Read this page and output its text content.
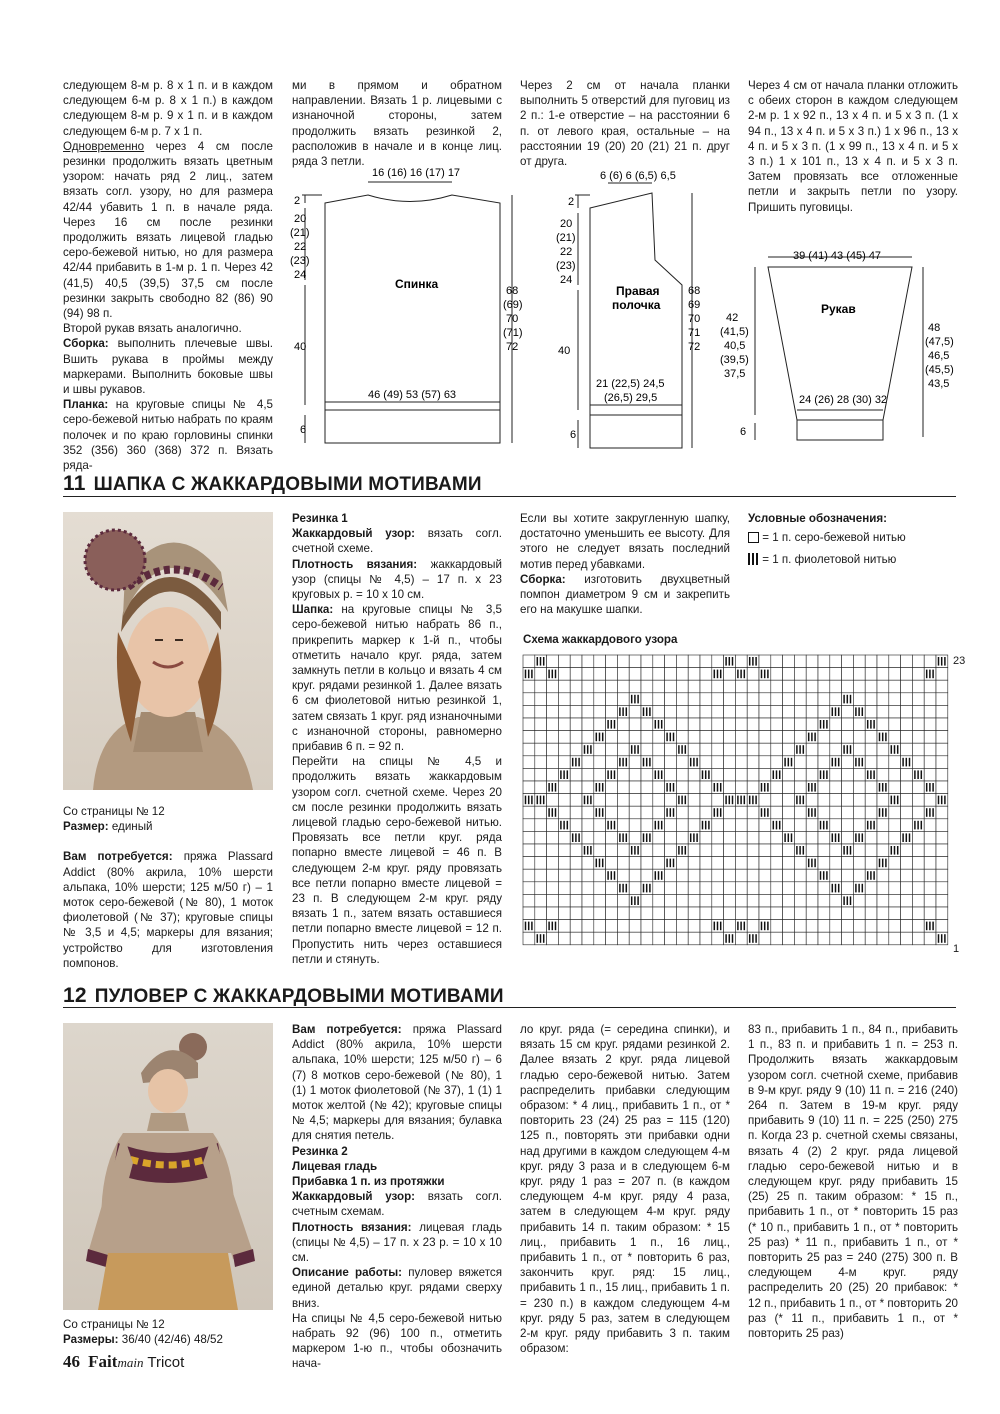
следующем 8-м р. 8 х 1 п. и в каждом следующем 6-м р. 8 х 1 п.) в каждом следующем 8-м р. 9 х 1 п. и в каждом следующем 6-м р. 7 х 1 п.

Одновременно через 4 см после резинки продолжить вязать цветным узором: начать ряд 2 лиц., затем вязать согл. узору, но для размера 42/44 убавить 1 п. в начале ряда. Через 16 см после резинки продолжить вязать лицевой гладью серо-бежевой нитью, но для размера 42/44 прибавить в 1-м р. 1 п. Через 42 (41,5) 40,5 (39,5) 37,5 см после резинки закрыть свободно 82 (86) 90 (94) 98 п.

Второй рукав вязать аналогично.

Сборка: выполнить плечевые швы. Вшить рукава в проймы между маркерами. Выполнить боковые швы и швы рукавов.

Планка: на круговые спицы № 4,5 серо-бежевой нитью набрать по краям полочек и по краю горловины спинки 352 (356) 360 (368) 372 п. Вязать ряда-

ми в прямом и обратном направлении. Вязать 1 р. лицевыми с изнаночной стороны, затем продолжить вязать резинкой 2, расположив в начале и в конце лиц. ряда 3 петли.

Через 2 см от начала планки выполнить 5 отверстий для пуговиц из 2 п.: 1-е отверстие – на расстоянии 6 п. от левого края, остальные – на расстоянии 19 (20) 20 (21) 21 п. друг от друга.

Через 4 см от начала планки отложить с обеих сторон в каждом следующем 2-м р. 1 х 92 п., 13 х 4 п. и 5 х 3 п. (1 х 94 п., 13 х 4 п. и 5 х 3 п.) 1 х 96 п., 13 х 4 п. и 5 х 3 п. (1 х 99 п., 13 х 4 п. и 5 х 3 п.) 1 х 101 п., 13 х 4 п. и 5 х 3 п. Затем провязать все отложенные петли и закрыть петли по узору. Пришить пуговицы.

16 (16) 16 (17) 17
2
20
(21)
22
(23)
24
40
6
Спинка
46 (49) 53 (57) 63
68
(69)
70
(71)
72
6 (6) 6 (6,5) 6,5
2
20
(21)
22
(23)
24
40
6
Правая
полочка
21 (22,5) 24,5
(26,5) 29,5
68
69
70
71
72
39 (41) 43 (45) 47
Рукав
42
(41,5)
40,5
(39,5)
37,5
48
(47,5)
46,5
(45,5)
43,5
24 (26) 28 (30) 32
6
11 ШАПКА С ЖАККАРДОВЫМИ МОТИВАМИ

Со страницы № 12

Размер: единый

Вам потребуется: пряжа Plassard Addict (80% акрила, 10% шерсти альпака, 10% шерсти; 125 м/50 г) – 1 моток серо-бежевой (№ 80), 1 моток фиолетовой (№ 37); круговые спицы № 3,5 и 4,5; маркеры для вязания; устройство для изготовления помпонов.

Резинка 1

Жаккардовый узор: вязать согл. счетной схеме.

Плотность вязания: жаккардовый узор (спицы № 4,5) – 17 п. х 23 круговых р. = 10 х 10 см.

Шапка: на круговые спицы № 3,5 серо-бежевой нитью набрать 86 п., прикрепить маркер к 1-й п., чтобы отметить начало круг. ряда, затем замкнуть петли в кольцо и вязать 4 см круг. рядами резинкой 1. Далее вязать 6 см фиолетовой нитью резинкой 1, затем связать 1 круг. ряд изнаночными с изнаночной стороны, равномерно прибавив 6 п. = 92 п.

Перейти на спицы № 4,5 и продолжить вязать жаккардовым узором согл. счетной схеме. Через 20 см после резинки продолжить вязать лицевой гладью серо-бежевой нитью. Провязать все петли круг. ряда попарно вместе лицевой = 46 п. В следующем 2-м круг. ряду провязать все петли попарно вместе лицевой = 23 п. В следующем 2-м круг. ряду вязать 1 п., затем вязать оставшиеся петли попарно вместе лицевой = 12 п. Пропустить нить через оставшиеся петли и стянуть.

Если вы хотите закругленную шапку, достаточно уменьшить ее высоту. Для этого не следует вязать последний мотив перед убавками.

Сборка: изготовить двухцветный помпон диаметром 9 см и закрепить его на макушке шапки.

Условные обозначения:

= 1 п. серо-бежевой нитью

= 1 п. фиолетовой нитью

Схема жаккардового узора
23
1
12 ПУЛОВЕР С ЖАККАРДОВЫМИ МОТИВАМИ

Со страницы № 12

Размеры: 36/40 (42/46) 48/52

Вам потребуется: пряжа Plassard Addict (80% акрила, 10% шерсти альпака, 10% шерсти; 125 м/50 г) – 6 (7) 8 мотков серо-бежевой (№ 80), 1 (1) 1 моток фиолетовой (№ 37), 1 (1) 1 моток желтой (№ 42); круговые спицы № 4,5; маркеры для вязания; булавка для снятия петель.

Резинка 2

Лицевая гладь

Прибавка 1 п. из протяжки

Жаккардовый узор: вязать согл. счетным схемам.

Плотность вязания: лицевая гладь (спицы № 4,5) – 17 п. х 23 р. = 10 х 10 см.

Описание работы: пуловер вяжется единой деталью круг. рядами сверху вниз.

На спицы № 4,5 серо-бежевой нитью набрать 92 (96) 100 п., отметить маркером 1-ю п., чтобы обозначить нача-

ло круг. ряда (= середина спинки), и вязать 15 см круг. рядами резинкой 2. Далее вязать 2 круг. ряда лицевой гладью серо-бежевой нитью. Затем распределить прибавки следующим образом: * 4 лиц., прибавить 1 п., от * повторить 23 (24) 25 раз = 115 (120) 125 п., повторять эти прибавки одни над другими в каждом следующем 4-м круг. ряду 3 раза и в следующем 6-м круг. ряду 1 раз = 207 п. (в каждом следующем 4-м круг. ряду 4 раза, затем в следующем 4-м круг. ряду прибавить 14 п. таким образом: * 15 лиц., прибавить 1 п., 16 лиц., прибавить 1 п., от * повторить 6 раз, закончить круг. ряд: 15 лиц., прибавить 1 п., 15 лиц., прибавить 1 п. = 230 п.) в каждом следующем 4-м круг. ряду 5 раз, затем в следующем 2-м круг. ряду прибавить 3 п. таким образом:

83 п., прибавить 1 п., 84 п., прибавить 1 п., 83 п. и прибавить 1 п. = 253 п. Продолжить вязать жаккардовым узором согл. счетной схеме, прибавив в 9-м круг. ряду 9 (10) 11 п. = 216 (240) 264 п. Затем в 19-м круг. ряду прибавить 9 (10) 11 п. = 225 (250) 275 п. Когда 23 р. счетной схемы связаны, вязать 4 (2) 2 круг. ряда лицевой гладью серо-бежевой нитью и в следующем круг. ряду прибавить 15 (25) 25 п. таким образом: * 15 п., прибавить 1 п., от * повторить 15 раз (* 10 п., прибавить 1 п., от * повторить 25 раз) * 11 п., прибавить 1 п., от * повторить 25 раз = 240 (275) 300 п. В следующем 4-м круг. ряду распределить 20 (25) 20 прибавок: * 12 п., прибавить 1 п., от * повторить 20 раз (* 11 п., прибавить 1 п., от * повторить 25 раз)

46 Faitmain Tricot
